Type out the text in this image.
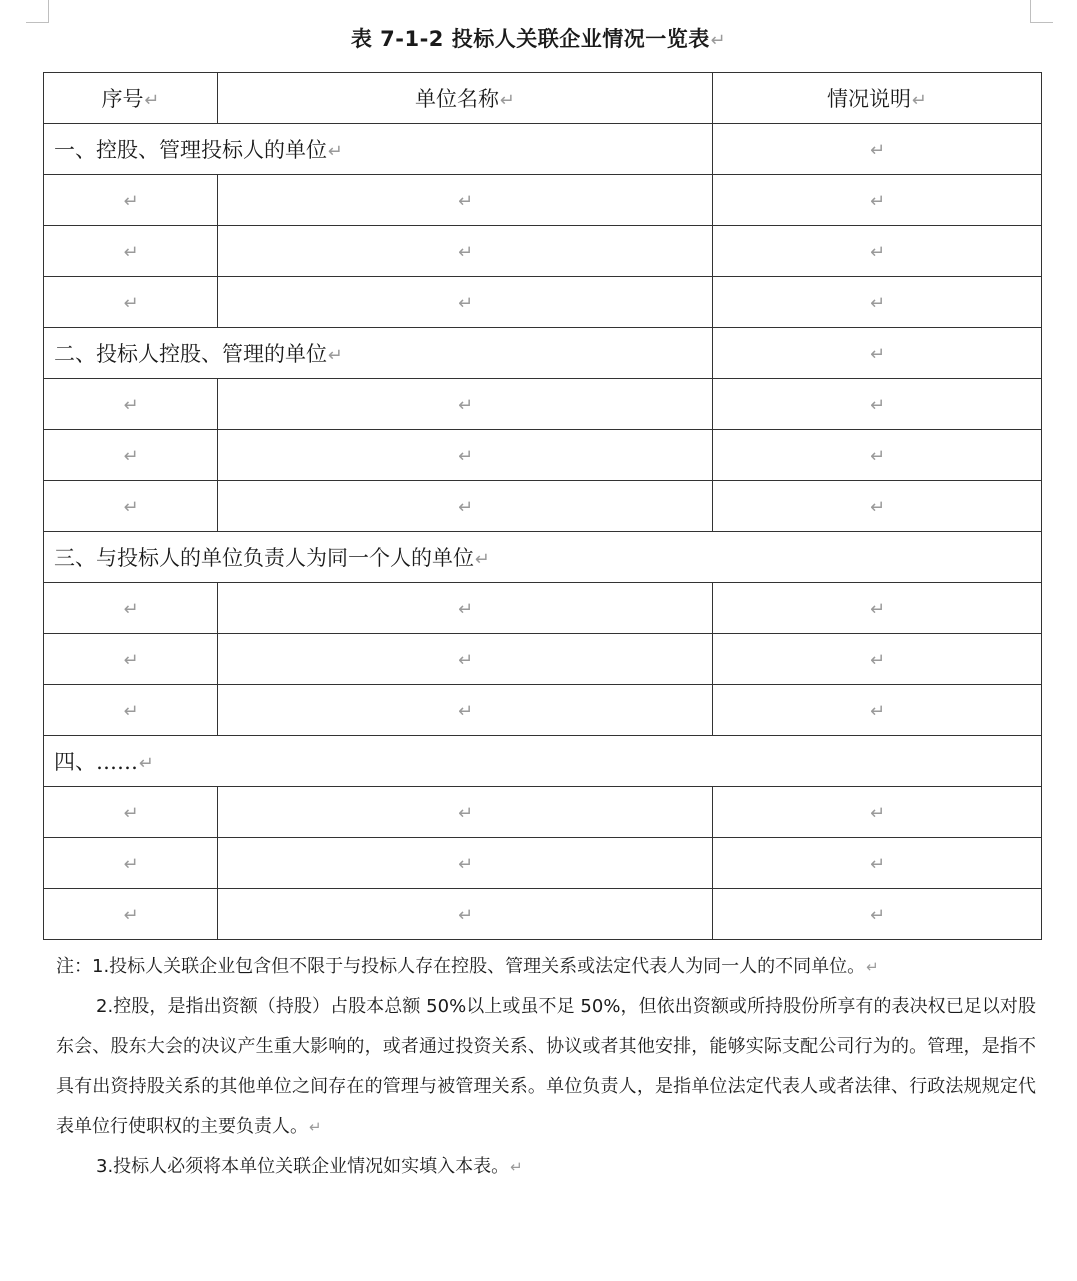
表 7-1-2 投标人关联企业情况一览表↵
序号↵	单位名称↵	情况说明↵
一、控股、管理投标人的单位↵		↵
↵	↵	↵
↵	↵	↵
↵	↵	↵
二、投标人控股、管理的单位↵		↵
↵	↵	↵
↵	↵	↵
↵	↵	↵
三、与投标人的单位负责人为同一个人的单位↵		
↵	↵	↵
↵	↵	↵
↵	↵	↵
四、……↵		
↵	↵	↵
↵	↵	↵
↵	↵	↵

注：1.投标人关联企业包含但不限于与投标人存在控股、管理关系或法定代表人为同一人的不同单位。↵

2.控股，是指出资额（持股）占股本总额 50%以上或虽不足 50%，但依出资额或所持股份所享有的表决权已足以对股东会、股东大会的决议产生重大影响的，或者通过投资关系、协议或者其他安排，能够实际支配公司行为的。管理，是指不具有出资持股关系的其他单位之间存在的管理与被管理关系。单位负责人，是指单位法定代表人或者法律、行政法规规定代表单位行使职权的主要负责人。↵

3.投标人必须将本单位关联企业情况如实填入本表。↵
